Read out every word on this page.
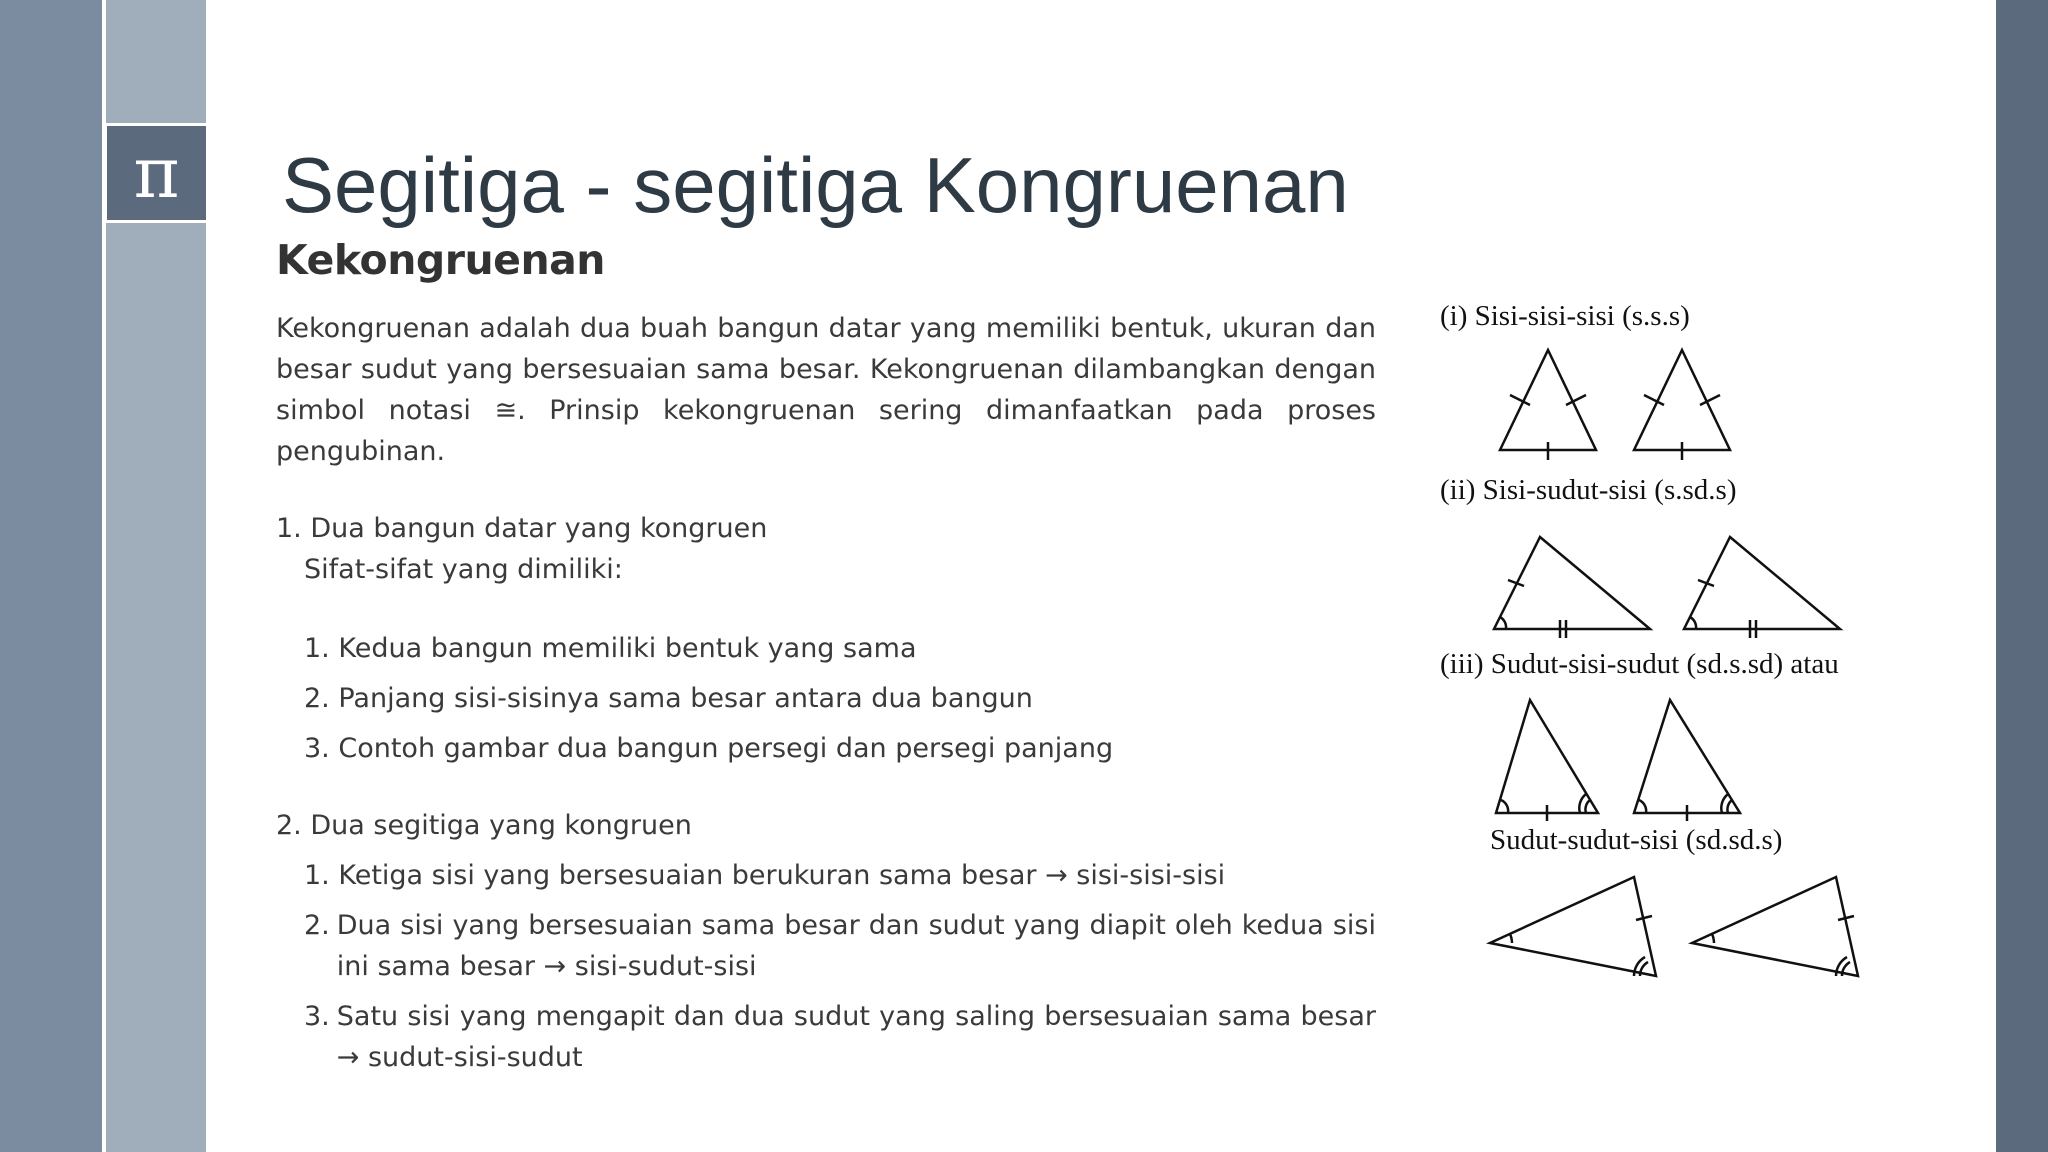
π	Segitiga - segitiga Kongruenan
Kekongruenan

Kekongruenan adalah dua buah bangun datar yang memiliki bentuk, ukuran dan besar sudut yang bersesuaian sama besar. Kekongruenan dilambangkan dengan simbol notasi ≅. Prinsip kekongruenan sering dimanfaatkan pada proses pengubinan.

1. Dua bangun datar yang kongruen
Sifat-sifat yang dimiliki:
1. Kedua bangun memiliki bentuk yang sama
2. Panjang sisi-sisinya sama besar antara dua bangun
3. Contoh gambar dua bangun persegi dan persegi panjang
2. Dua segitiga yang kongruen
1. Ketiga sisi yang bersesuaian berukuran sama besar → sisi-sisi-sisi
2. Dua sisi yang bersesuaian sama besar dan sudut yang diapit oleh kedua sisi ini sama besar → sisi-sudut-sisi
3. Satu sisi yang mengapit dan dua sudut yang saling bersesuaian sama besar → sudut-sisi-sudut
(i) Sisi-sisi-sisi (s.s.s)
(ii) Sisi-sudut-sisi (s.sd.s)
(iii) Sudut-sisi-sudut (sd.s.sd) atau
Sudut-sudut-sisi (sd.sd.s)
